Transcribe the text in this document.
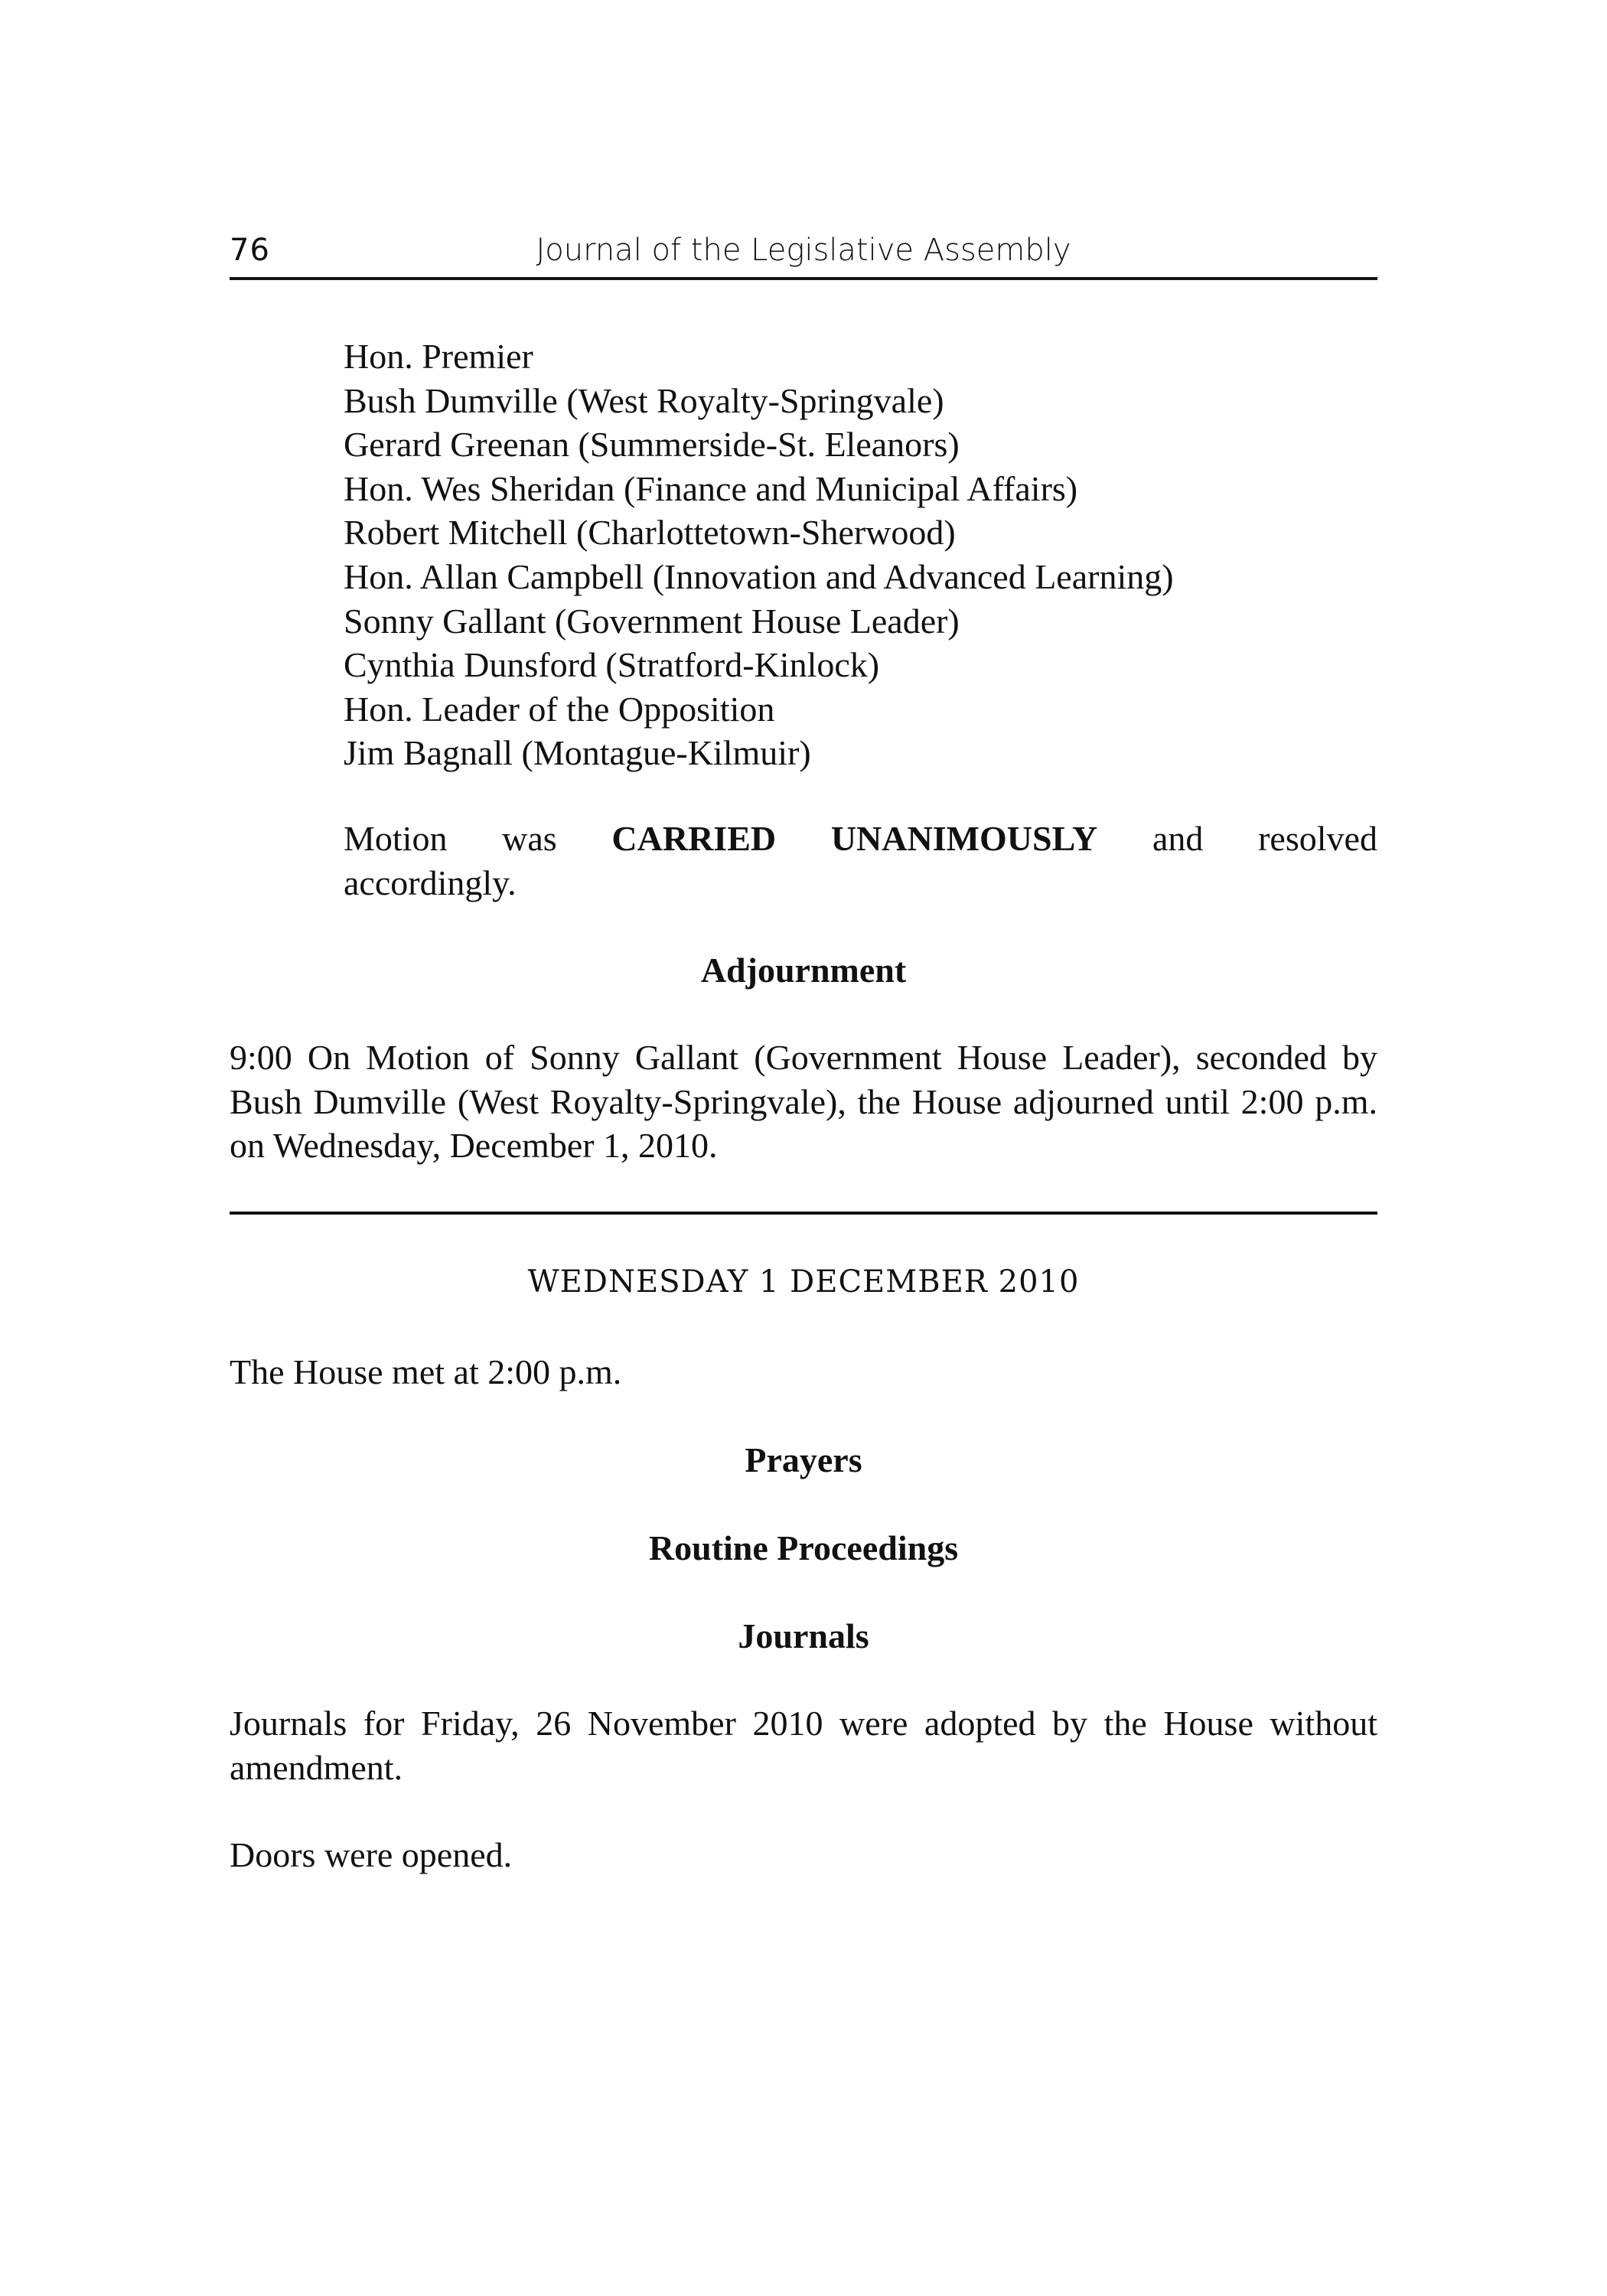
76	Journal of the Legislative Assembly
Hon. Premier
Bush Dumville (West Royalty-Springvale)
Gerard Greenan (Summerside-St. Eleanors)
Hon. Wes Sheridan (Finance and Municipal Affairs)
Robert Mitchell (Charlottetown-Sherwood)
Hon. Allan Campbell (Innovation and Advanced Learning)
Sonny Gallant (Government House Leader)
Cynthia Dunsford (Stratford-Kinlock)
Hon. Leader of the Opposition
Jim Bagnall (Montague-Kilmuir)
Motion was CARRIED UNANIMOUSLY and resolved
accordingly.
Adjournment
9:00 On Motion of Sonny Gallant (Government House Leader), seconded by Bush Dumville (West Royalty-Springvale), the House adjourned until 2:00 p.m. on Wednesday, December 1, 2010.
WEDNESDAY 1 DECEMBER 2010
The House met at 2:00 p.m.
Prayers
Routine Proceedings
Journals
Journals for Friday, 26 November 2010 were adopted by the House without amendment.
Doors were opened.
